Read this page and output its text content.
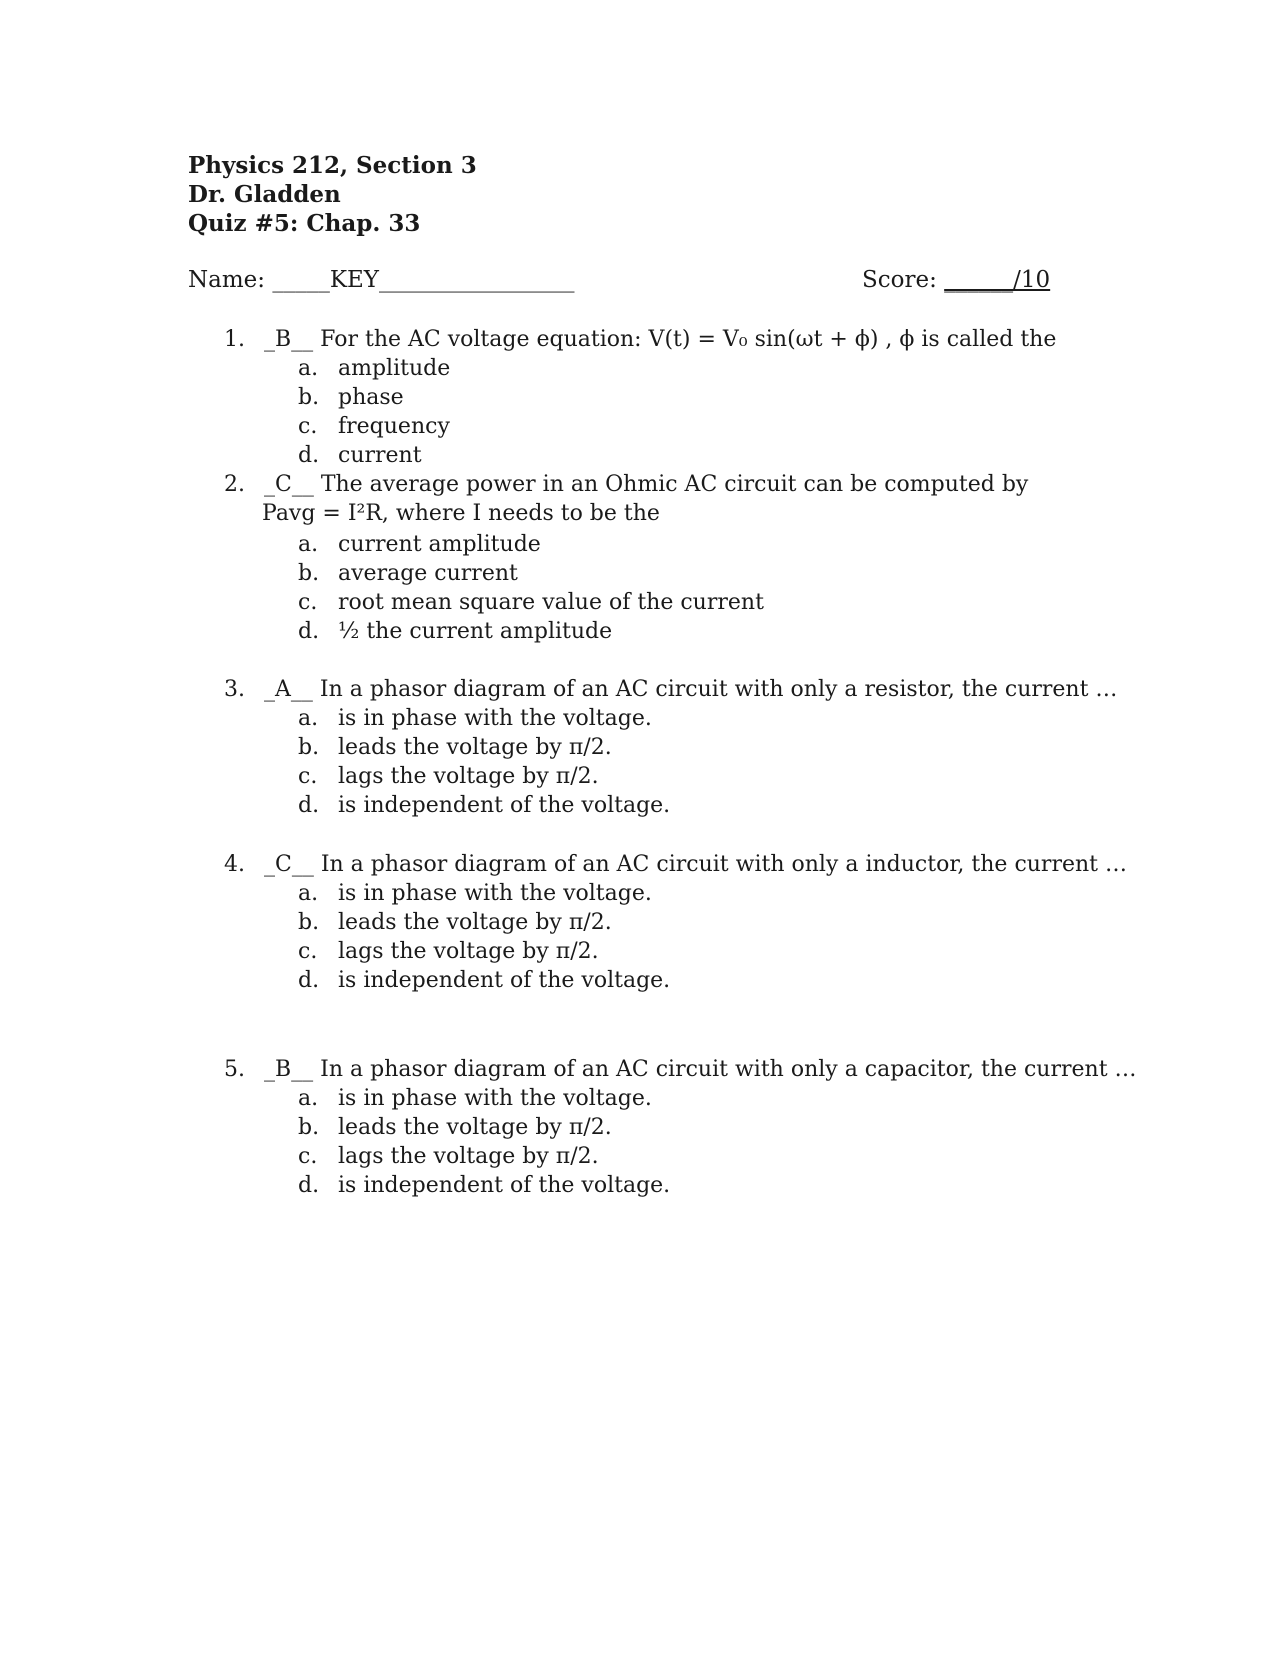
Physics 212, Section 3
Dr. Gladden
Quiz #5: Chap. 33
Name: _____KEY_________________	Score: ______/10
1. _B__ For the AC voltage equation: V(t) = V₀ sin(ωt + ϕ) , ϕ is called the
a. amplitude
b. phase
c. frequency
d. current
2. _C__ The average power in an Ohmic AC circuit can be computed by
Pavg = I²R, where I needs to be the
a. current amplitude
b. average current
c. root mean square value of the current
d. ½ the current amplitude
3. _A__ In a phasor diagram of an AC circuit with only a resistor, the current …
a. is in phase with the voltage.
b. leads the voltage by π/2.
c. lags the voltage by π/2.
d. is independent of the voltage.
4. _C__ In a phasor diagram of an AC circuit with only a inductor, the current …
a. is in phase with the voltage.
b. leads the voltage by π/2.
c. lags the voltage by π/2.
d. is independent of the voltage.
5. _B__ In a phasor diagram of an AC circuit with only a capacitor, the current …
a. is in phase with the voltage.
b. leads the voltage by π/2.
c. lags the voltage by π/2.
d. is independent of the voltage.
